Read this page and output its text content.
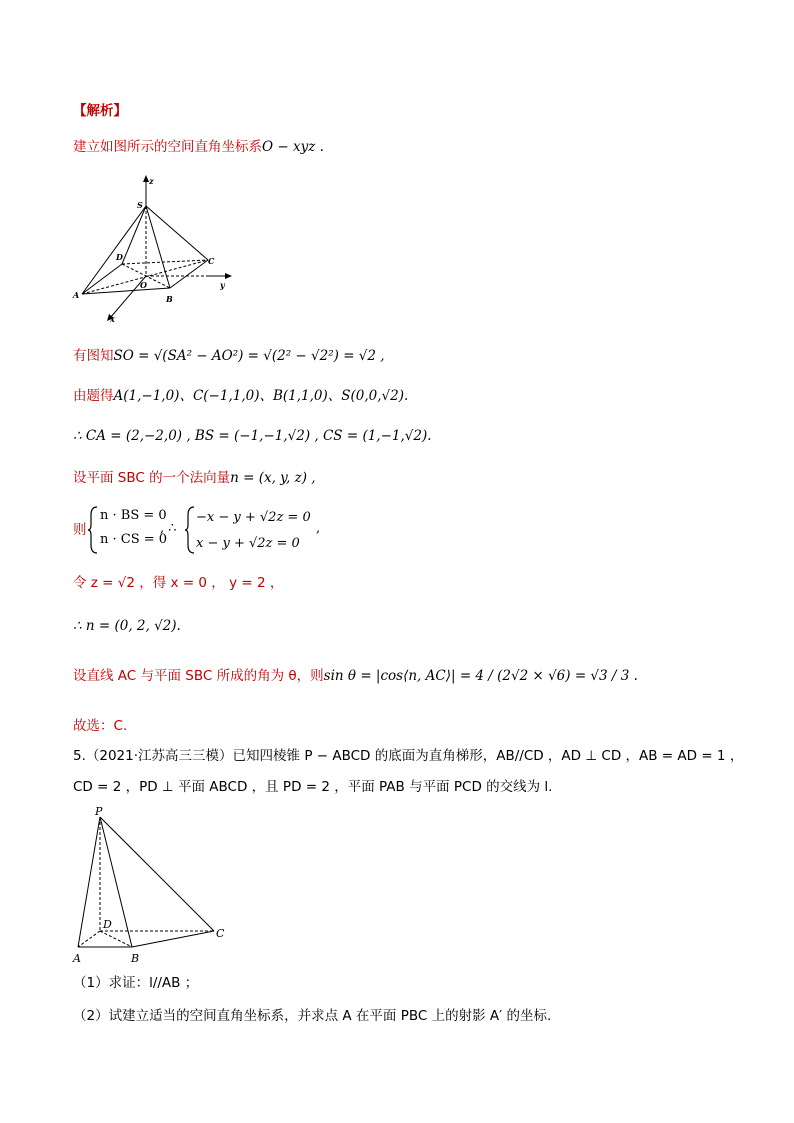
【解析】
建立如图所示的空间直角坐标系O − xyz .
z
y
x
S
D	C
O
A	B
有图知SO = √(SA² − AO²) = √(2² − √2²) = √2 ,
由题得A(1,−1,0)、C(−1,1,0)、B(1,1,0)、S(0,0,√2).
∴ CA = (2,−2,0) , BS = (−1,−1,√2) , CS = (1,−1,√2).
设平面 SBC 的一个法向量n = (x, y, z) ,
则
n · BS = 0
n · CS = 0
, ∴
−x − y + √2z = 0
x − y + √2z = 0
,
令 z = √2 ，得 x = 0 ， y = 2 ，
∴ n = (0, 2, √2).
设直线 AC 与平面 SBC 所成的角为 θ，则sin θ = |cos⟨n, AC⟩| = 4 / (2√2 × √6) = √3 / 3 .
故选：C.
5.（2021·江苏高三三模）已知四棱锥 P − ABCD 的底面为直角梯形，AB//CD ，AD ⊥ CD ，AB = AD = 1 ，
CD = 2 ，PD ⊥ 平面 ABCD ，且 PD = 2 ，平面 PAB 与平面 PCD 的交线为 l.
P
D
C
A	B
（1）求证：l//AB ；
（2）试建立适当的空间直角坐标系，并求点 A 在平面 PBC 上的射影 A′ 的坐标.
